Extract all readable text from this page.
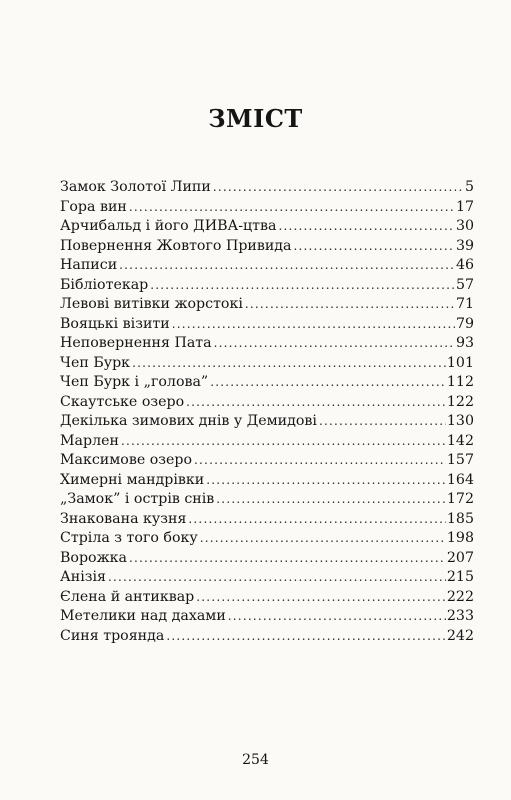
ЗМІСТ
Замок Золотої Липи .....	5
Гора вин .....	17
Арчибальд і його ДИВА-цтва .....	30
Повернення Жовтого Привида .....	39
Написи .....	46
Бібліотекар .....	57
Левові витівки жорстокі .....	71
Вояцькі візити .....	79
Неповернення Пата .....	93
Чеп Бурк .....	101
Чеп Бурк і „голова” .....	112
Скаутське озеро .....	122
Декілька зимових днів у Демидові .....	130
Марлен .....	142
Максимове озеро .....	157
Химерні мандрівки .....	164
„Замок” і острів снів .....	172
Знакована кузня .....	185
Стріла з того боку .....	198
Ворожка .....	207
Анізія .....	215
Єлена й антиквар .....	222
Метелики над дахами .....	233
Синя троянда .....	242
254
